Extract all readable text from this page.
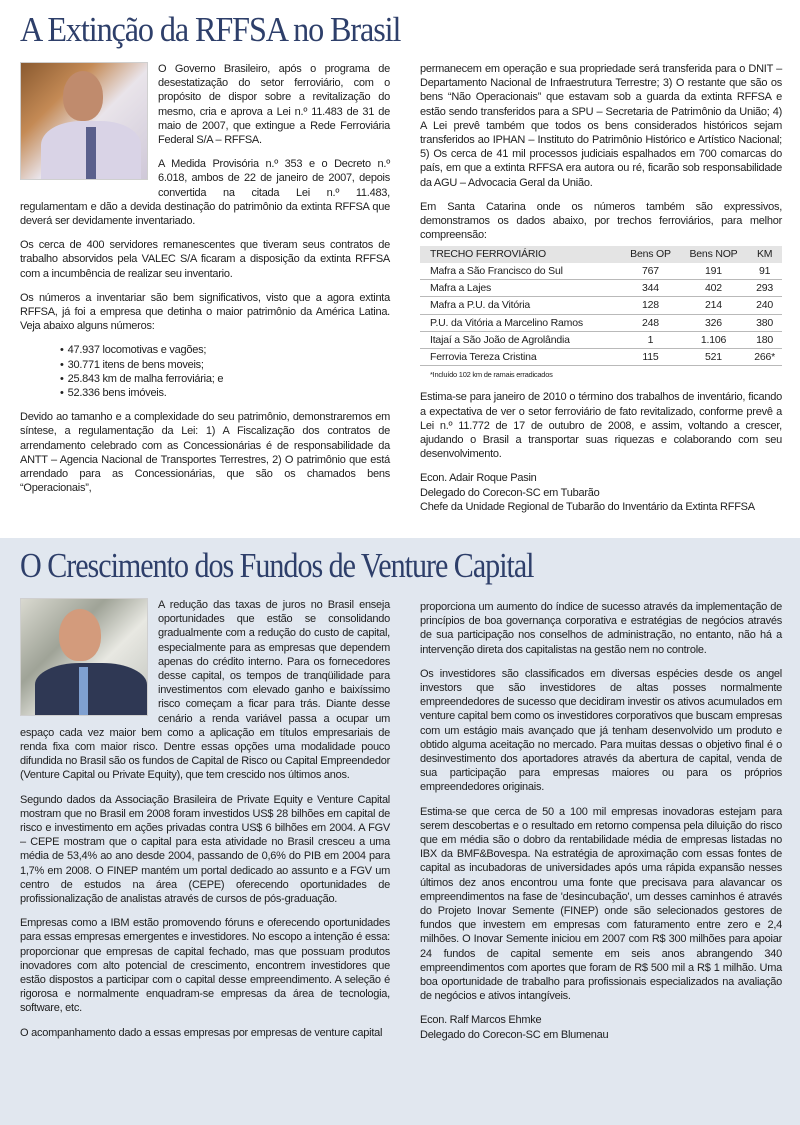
A Extinção da RFFSA no Brasil

O Governo Brasileiro, após o programa de desestatização do setor ferroviário, com o propósito de dispor sobre a revitalização do mesmo, cria e aprova a Lei n.º 11.483 de 31 de maio de 2007, que extingue a Rede Ferroviária Federal S/A – RFFSA.

A Medida Provisória n.º 353 e o Decreto n.º 6.018, ambos de 22 de janeiro de 2007, depois convertida na citada Lei n.º 11.483, regulamentam e dão a devida destinação do patrimônio da extinta RFFSA que deverá ser devidamente inventariado.

Os cerca de 400 servidores remanescentes que tiveram seus contratos de trabalho absorvidos pela VALEC S/A ficaram a disposição da extinta RFFSA com a incumbência de realizar seu inventario.

Os números a inventariar são bem significativos, visto que a agora extinta RFFSA, já foi a empresa que detinha o maior patrimônio da América Latina. Veja abaixo alguns números:

• 47.937 locomotivas e vagões;
• 30.771 itens de bens moveis;
• 25.843 km de malha ferroviária; e
• 52.336 bens imóveis.

Devido ao tamanho e a complexidade do seu patrimônio, demonstraremos em síntese, a regulamentação da Lei: 1) A Fiscalização dos contratos de arrendamento celebrado com as Concessionárias é de responsabilidade da ANTT – Agencia Nacional de Transportes Terrestres, 2) O patrimônio que está arrendado para as Concessionárias, que são os chamados bens “Operacionais”,

permanecem em operação e sua propriedade será transferida para o DNIT – Departamento Nacional de Infraestrutura Terrestre; 3) O restante que são os bens “Não Operacionais” que estavam sob a guarda da extinta RFFSA e estão sendo transferidos para a SPU – Secretaria de Patrimônio da União; 4) A Lei prevê também que todos os bens considerados históricos sejam transferidos ao IPHAN – Instituto do Patrimônio Histórico e Artístico Nacional; 5) Os cerca de 41 mil processos judiciais espalhados em 700 comarcas do país, em que a extinta RFFSA era autora ou ré, ficarão sob responsabilidade da AGU – Advocacia Geral da União.

Em Santa Catarina onde os números também são expressivos, demonstramos os dados abaixo, por trechos ferroviários, para melhor compreensão:

TRECHO FERROVIÁRIO	Bens OP	Bens NOP	KM
Mafra a São Francisco do Sul	767	191	91
Mafra a Lajes	344	402	293
Mafra a P.U. da Vitória	128	214	240
P.U. da Vitória a Marcelino Ramos	248	326	380
Itajaí a São João de Agrolândia	1	1.106	180
Ferrovia Tereza Cristina	115	521	266*
*Incluído 102 km de ramais erradicados

Estima-se para janeiro de 2010 o término dos trabalhos de inventário, ficando a expectativa de ver o setor ferroviário de fato revitalizado, conforme prevê a Lei n.º 11.772 de 17 de outubro de 2008, e assim, voltando a crescer, ajudando o Brasil a transportar suas riquezas e colaborando com seu desenvolvimento.

Econ. Adair Roque Pasin
Delegado do Corecon-SC em Tubarão
Chefe da Unidade Regional de Tubarão do Inventário da Extinta RFFSA

O Crescimento dos Fundos de Venture Capital

A redução das taxas de juros no Brasil enseja oportunidades que estão se consolidando gradualmente com a redução do custo de capital, especialmente para as empresas que dependem apenas do crédito interno. Para os fornecedores desse capital, os tempos de tranqüilidade para investimentos com elevado ganho e baixíssimo risco começam a ficar para trás. Diante desse cenário a renda variável passa a ocupar um espaço cada vez maior bem como a aplicação em títulos empresariais de renda fixa com maior risco. Dentre essas opções uma modalidade pouco difundida no Brasil são os fundos de Capital de Risco ou Capital Empreendedor (Venture Capital ou Private Equity), que tem crescido nos últimos anos.

Segundo dados da Associação Brasileira de Private Equity e Venture Capital mostram que no Brasil em 2008 foram investidos US$ 28 bilhões em capital de risco e investimento em ações privadas contra US$ 6 bilhões em 2004. A FGV – CEPE mostram que o capital para esta atividade no Brasil cresceu a uma média de 53,4% ao ano desde 2004, passando de 0,6% do PIB em 2004 para 1,7% em 2008. O FINEP mantém um portal dedicado ao assunto e a FGV um centro de estudos na área (CEPE) oferecendo oportunidades de profissionalização de analistas através de cursos de pós-graduação.

Empresas como a IBM estão promovendo fóruns e oferecendo oportunidades para essas empresas emergentes e investidores. No escopo a intenção é essa: proporcionar que empresas de capital fechado, mas que possuam produtos inovadores com alto potencial de crescimento, encontrem investidores que estão dispostos a participar com o capital desse empreendimento. A seleção é rigorosa e normalmente enquadram-se empresas da área de tecnologia, software, etc.

O acompanhamento dado a essas empresas por empresas de venture capital

proporciona um aumento do índice de sucesso através da implementação de princípios de boa governança corporativa e estratégias de negócios através de sua participação nos conselhos de administração, no entanto, não há a intervenção direta dos capitalistas na gestão nem no controle.

Os investidores são classificados em diversas espécies desde os angel investors que são investidores de altas posses normalmente empreendedores de sucesso que decidiram investir os ativos acumulados em venture capital bem como os investidores corporativos que buscam empresas com um estágio mais avançado que já tenham desenvolvido um produto e obtido alguma aceitação no mercado. Para muitas dessas o objetivo final é o desinvestimento dos aportadores através da abertura de capital, venda de sua participação para empresas maiores ou para os próprios empreendedores originais.

Estima-se que cerca de 50 a 100 mil empresas inovadoras estejam para serem descobertas e o resultado em retorno compensa pela diluição do risco que em média são o dobro da rentabilidade média de empresas listadas no IBX da BMF&Bovespa. Na estratégia de aproximação com essas fontes de capital as incubadoras de universidades após uma rápida expansão nesses últimos dez anos encontrou uma fonte que precisava para alavancar os empreendimentos na fase de 'desincubação', um desses caminhos é através do Projeto Inovar Semente (FINEP) onde são selecionados gestores de fundos que investem em empresas com faturamento entre zero e 2,4 milhões. O Inovar Semente iniciou em 2007 com R$ 300 milhões para apoiar 24 fundos de capital semente em seis anos abrangendo 340 empreendimentos com aportes que foram de R$ 500 mil a R$ 1 milhão. Uma boa oportunidade de trabalho para profissionais especializados na avaliação de negócios e ativos intangíveis.

Econ. Ralf Marcos Ehmke
Delegado do Corecon-SC em Blumenau
